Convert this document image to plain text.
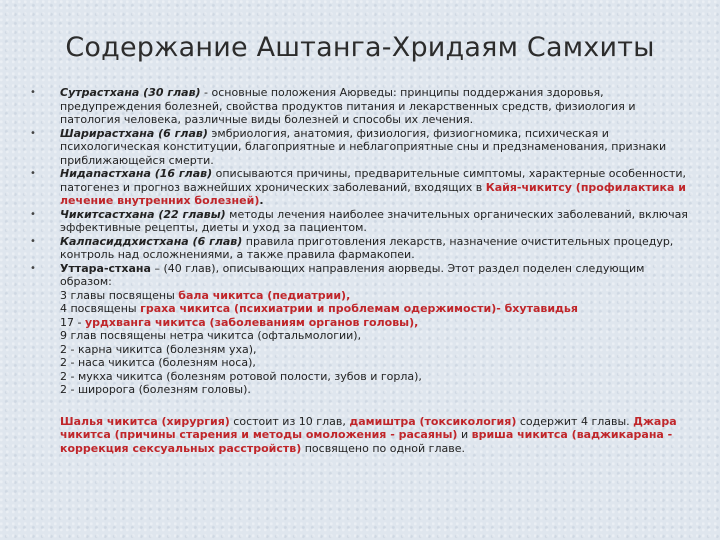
Содержание Аштанга-Хридаям Самхиты
• Сутрастхана (30 глав) - основные положения Аюрведы: принципы поддержания здоровья, предупреждения болезней, свойства продуктов питания и лекарственных средств, физиология и патология человека, различные виды болезней и способы их лечения.
• Шарирастхана (6 глав) эмбриология, анатомия, физиология, физиогномика, психическая и психологическая конституции, благоприятные и неблагоприятные сны и предзнаменования, признаки приближающейся смерти.
• Нидanaстхана (16 глав) описываются причины, предварительные симптомы, характерные особенности, патогенез и прогноз важнейших хронических заболеваний, входящих в Кайя-чикитсу (профилактика и лечение внутренних болезней).
• Чикитсастхана (22 главы) методы лечения наиболее значительных органических заболеваний, включая эффективные рецепты, диеты и уход за пациентом.
• Калпасиддхистхана (6 глав) правила приготовления лекарств, назначение очистительных процедур, контроль над осложнениями, а также правила фармакопеи.
• Уттара-стхана – (40 глав), описывающих направления аюрведы. Этот раздел поделен следующим образом:
3 главы посвящены бала чикитса (педиатрии),
4 посвящены граха чикитса (психиатрии и проблемам одержимости)- бхутавидья
17 - урдхванга чикитса (заболеваниям органов головы),
9 глав посвящены нетра чикитса (офтальмологии),
2 - карна чикитса (болезням уха),
2 - наса чикитса (болезням носа),
2 - мукха чикитса (болезням ротовой полости, зубов и горла),
2 - широрога (болезням головы).
Шалья чикитса (хирургия) состоит из 10 глав, дамиштра (токсикология) содержит 4 главы. Джара чикитса (причины старения и методы омоложения - расаяны) и вриша чикитса (ваджикарана - коррекция сексуальных расстройств) посвящено по одной главе.
